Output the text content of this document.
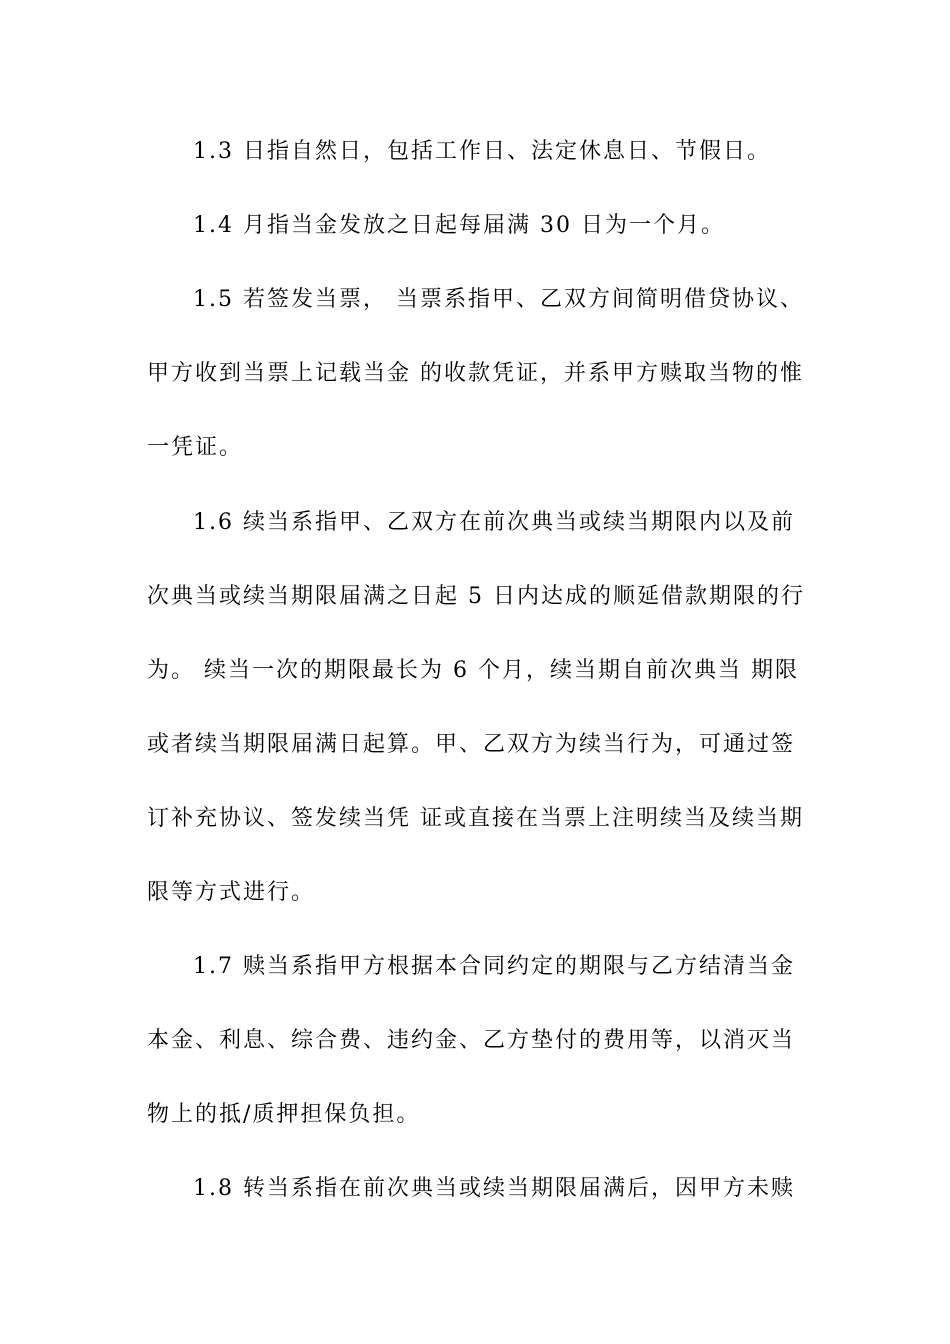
1.3 日指自然日，包括工作日、法定休息日、节假日。
1.4 月指当金发放之日起每届满 30 日为一个月。
1.5 若签发当票， 当票系指甲、乙双方间简明借贷协议、
甲方收到当票上记载当金 的收款凭证，并系甲方赎取当物的惟
一凭证。
1.6 续当系指甲、乙双方在前次典当或续当期限内以及前
次典当或续当期限届满之日起 5 日内达成的顺延借款期限的行
为。 续当一次的期限最长为 6 个月，续当期自前次典当 期限
或者续当期限届满日起算。甲、乙双方为续当行为，可通过签
订补充协议、签发续当凭 证或直接在当票上注明续当及续当期
限等方式进行。
1.7 赎当系指甲方根据本合同约定的期限与乙方结清当金
本金、利息、综合费、违约金、乙方垫付的费用等，以消灭当
物上的抵/质押担保负担。
1.8 转当系指在前次典当或续当期限届满后，因甲方未赎
